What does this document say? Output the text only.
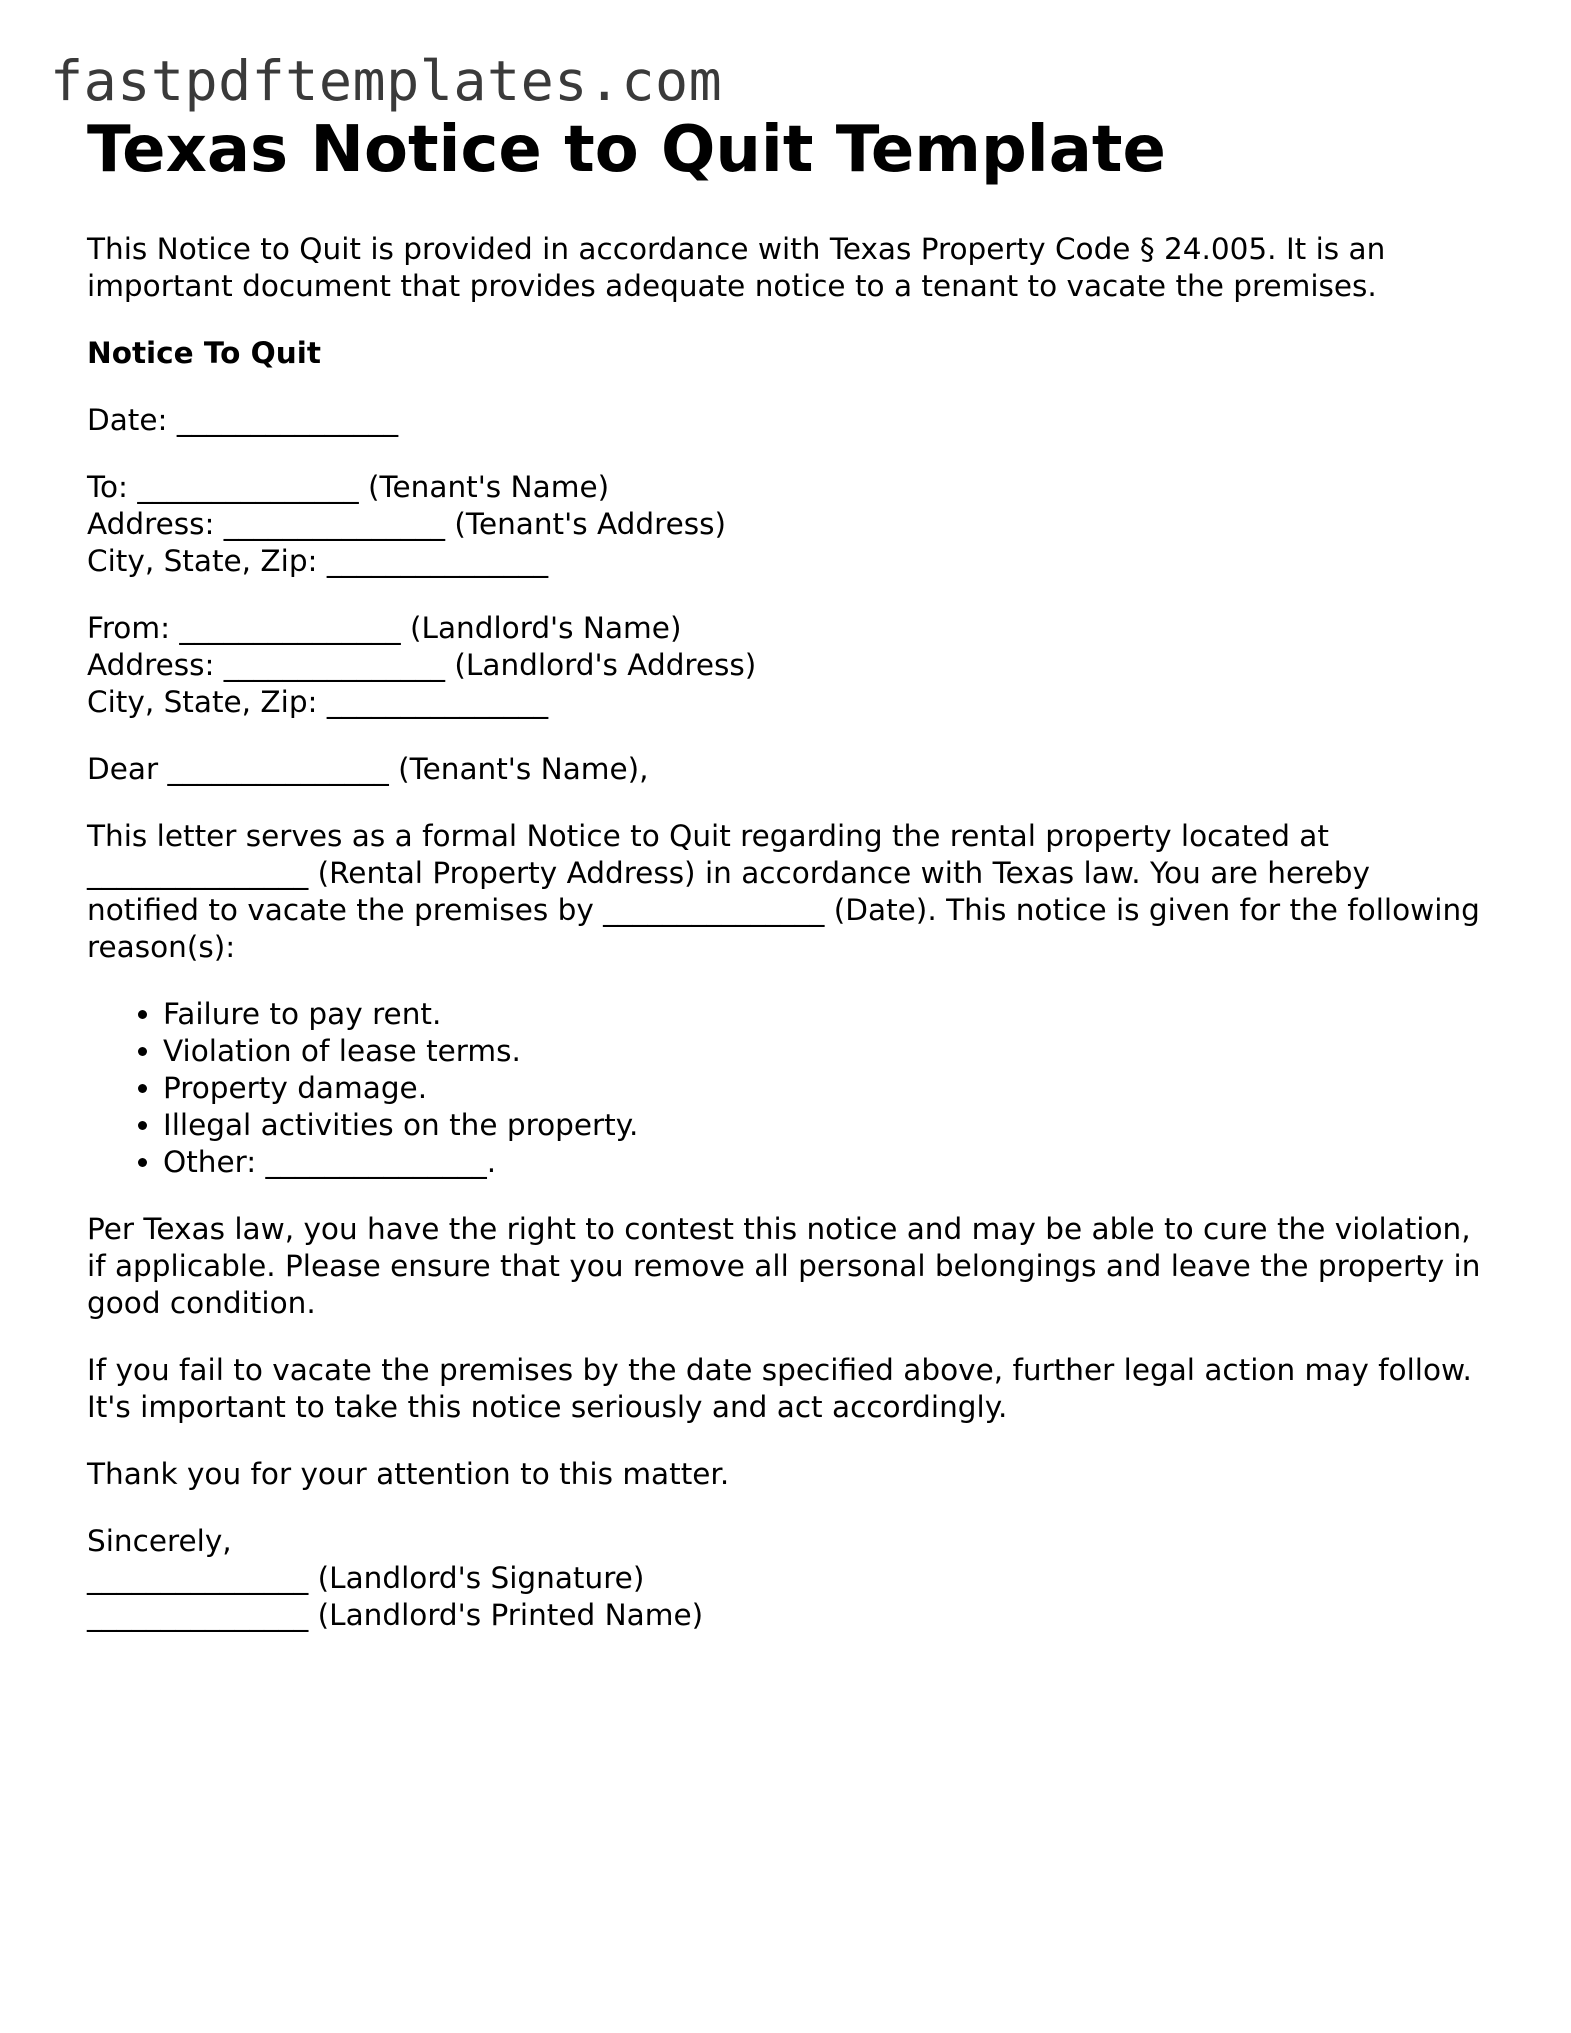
fastpdftemplates.com
Texas Notice to Quit Template

This Notice to Quit is provided in accordance with Texas Property Code § 24.005. It is an important document that provides adequate notice to a tenant to vacate the premises.

Notice To Quit

Date: _______________

To: _______________ (Tenant's Name)
Address: _______________ (Tenant's Address)
City, State, Zip: _______________

From: _______________ (Landlord's Name)
Address: _______________ (Landlord's Address)
City, State, Zip: _______________

Dear _______________ (Tenant's Name),

This letter serves as a formal Notice to Quit regarding the rental property located at _______________ (Rental Property Address) in accordance with Texas law. You are hereby notified to vacate the premises by _______________ (Date). This notice is given for the following reason(s):

• Failure to pay rent.
• Violation of lease terms.
• Property damage.
• Illegal activities on the property.
• Other: _______________.

Per Texas law, you have the right to contest this notice and may be able to cure the violation, if applicable. Please ensure that you remove all personal belongings and leave the property in good condition.

If you fail to vacate the premises by the date specified above, further legal action may follow. It's important to take this notice seriously and act accordingly.

Thank you for your attention to this matter.

Sincerely,
_______________ (Landlord's Signature)
_______________ (Landlord's Printed Name)
